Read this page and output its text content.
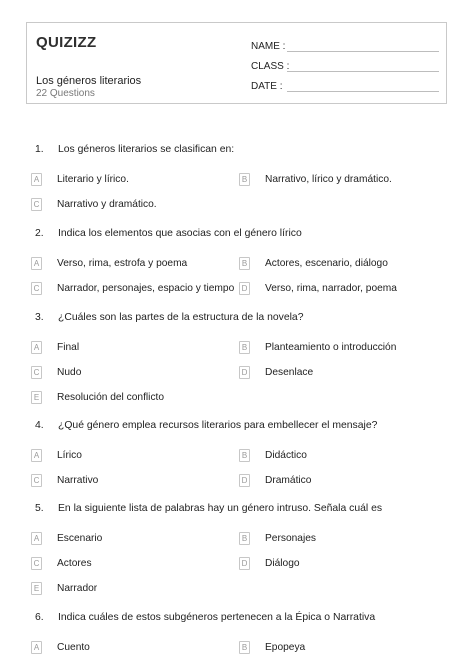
QUIZIZZ
Los géneros literarios
22 Questions
NAME :
CLASS :
DATE :
1. Los géneros literarios se clasifican en:
A Literario y lírico.	B Narrativo, lírico y dramático.
C Narrativo y dramático.
2. Indica los elementos que asocias con el género lírico
A Verso, rima, estrofa y poema	B Actores, escenario, diálogo
C Narrador, personajes, espacio y tiempo D Verso, rima, narrador, poema
3. ¿Cuáles son las partes de la estructura de la novela?
A Final	B Planteamiento o introducción
C Nudo	D Desenlace
E Resolución del conflicto
4. ¿Qué género emplea recursos literarios para embellecer el mensaje?
A Lírico	B Didáctico
C Narrativo	D Dramático
5. En la siguiente lista de palabras hay un género intruso. Señala cuál es
A Escenario	B Personajes
C Actores	D Diálogo
E Narrador
6. Indica cuáles de estos subgéneros pertenecen a la Épica o Narrativa
A Cuento	B Epopeya
